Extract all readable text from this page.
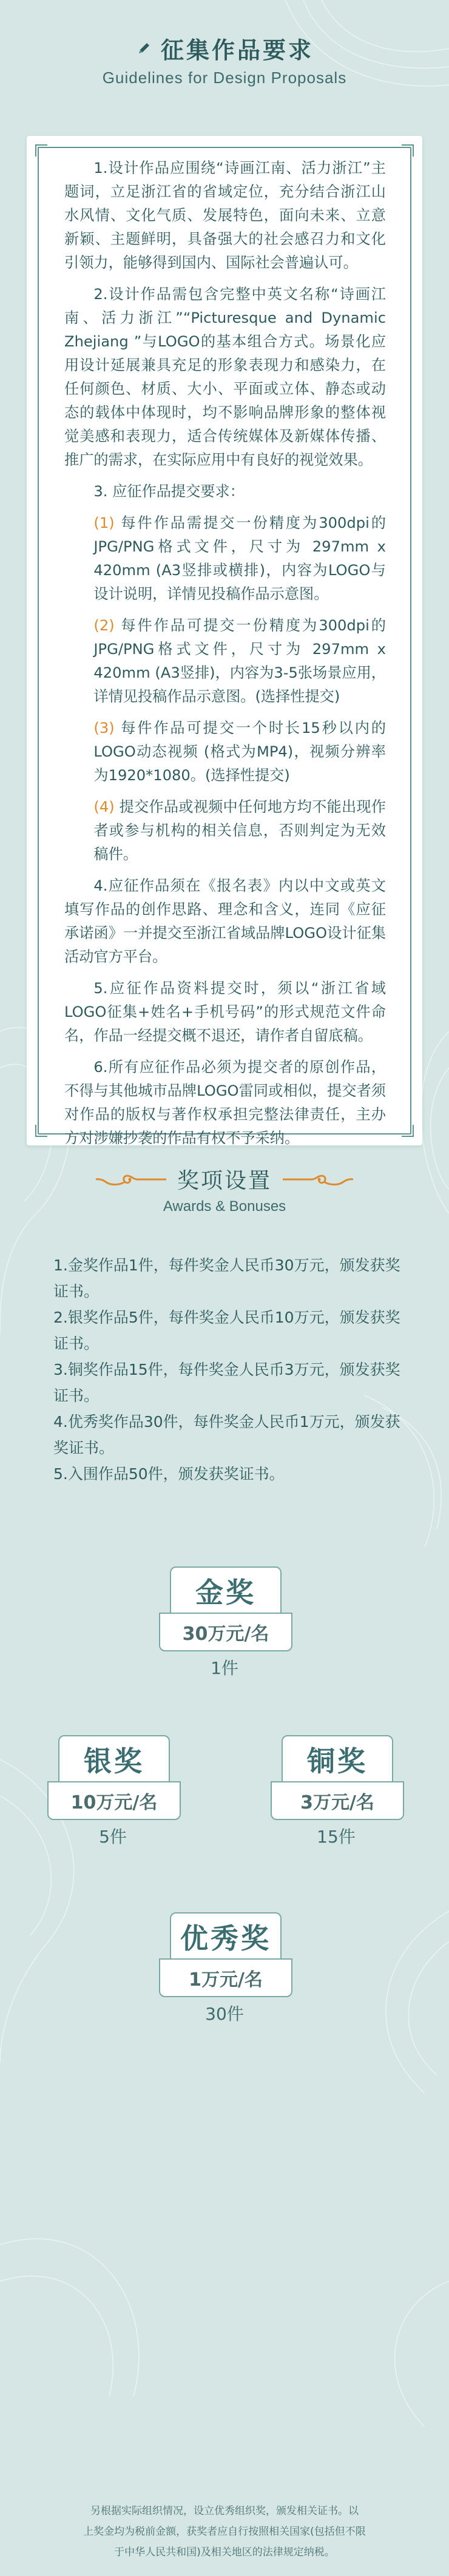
征集作品要求
Guidelines for Design Proposals

1.设计作品应围绕“诗画江南、活力浙江”主题词，立足浙江省的省域定位，充分结合浙江山水风情、文化气质、发展特色，面向未来、立意新颖、主题鲜明，具备强大的社会感召力和文化引领力，能够得到国内、国际社会普遍认可。

2.设计作品需包含完整中英文名称“诗画江南、活力浙江”“Picturesque and Dynamic Zhejiang ”与LOGO的基本组合方式。场景化应用设计延展兼具充足的形象表现力和感染力，在任何颜色、材质、大小、平面或立体、静态或动态的载体中体现时，均不影响品牌形象的整体视觉美感和表现力，适合传统媒体及新媒体传播、推广的需求，在实际应用中有良好的视觉效果。

3. 应征作品提交要求：

(1) 每件作品需提交一份精度为300dpi的JPG/PNG格式文件，尺寸为 297mm x 420mm (A3竖排或横排)，内容为LOGO与设计说明，详情见投稿作品示意图。

(2) 每件作品可提交一份精度为300dpi的JPG/PNG格式文件，尺寸为 297mm x 420mm (A3竖排)，内容为3-5张场景应用，详情见投稿作品示意图。(选择性提交)

(3) 每件作品可提交一个时长15秒以内的LOGO动态视频 (格式为MP4)，视频分辨率为1920*1080。(选择性提交)

(4) 提交作品或视频中任何地方均不能出现作者或参与机构的相关信息，否则判定为无效稿件。

4.应征作品须在《报名表》内以中文或英文填写作品的创作思路、理念和含义，连同《应征承诺函》一并提交至浙江省域品牌LOGO设计征集活动官方平台。

5.应征作品资料提交时，须以“浙江省域LOGO征集+姓名+手机号码”的形式规范文件命名，作品一经提交概不退还，请作者自留底稿。

6.所有应征作品必须为提交者的原创作品，不得与其他城市品牌LOGO雷同或相似，提交者须对作品的版权与著作权承担完整法律责任，主办方对涉嫌抄袭的作品有权不予采纳。

奖项设置
Awards & Bonuses
1.金奖作品1件，每件奖金人民币30万元，颁发获奖证书。
2.银奖作品5件，每件奖金人民币10万元，颁发获奖证书。
3.铜奖作品15件，每件奖金人民币3万元，颁发获奖证书。
4.优秀奖作品30件，每件奖金人民币1万元，颁发获奖证书。
5.入围作品50件，颁发获奖证书。
金奖
30万元/名
1件
银奖
10万元/名
5件
铜奖
3万元/名
15件
优秀奖
1万元/名
30件
另根据实际组织情况，设立优秀组织奖，颁发相关证书。以
上奖金均为税前金额，获奖者应自行按照相关国家(包括但不限
于中华人民共和国)及相关地区的法律规定纳税。
